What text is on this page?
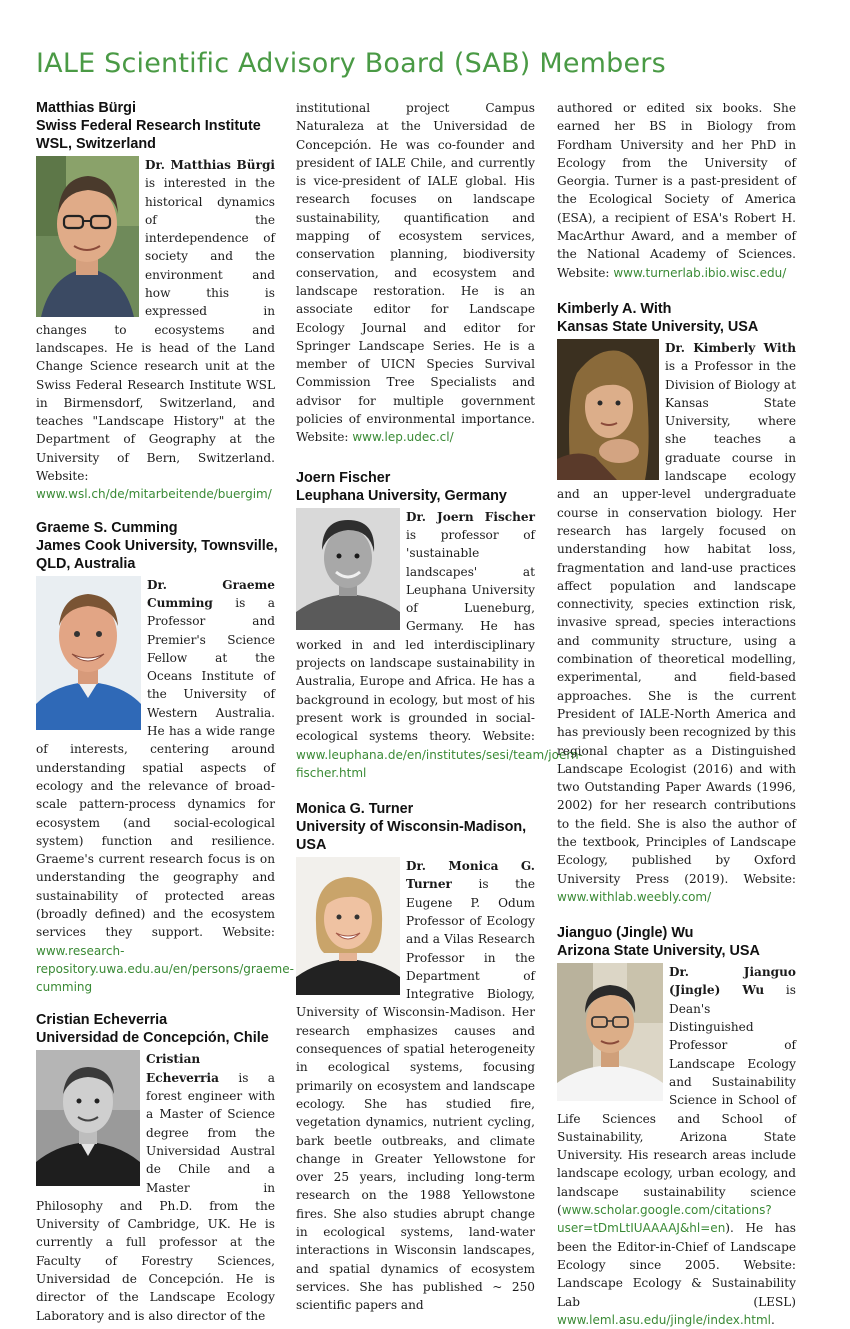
IALE Scientific Advisory Board (SAB) Members
Matthias Bürgi
Swiss Federal Research Institute
WSL, Switzerland

Dr. Matthias Bürgi is interested in the historical dynamics of the interdependence of society and the environment and how this is expressed in changes to ecosystems and landscapes. He is head of the Land Change Science research unit at the Swiss Federal Research Institute WSL in Birmensdorf, Switzerland, and teaches "Landscape History" at the Department of Geography at the University of Bern, Switzerland. Website: www.wsl.ch/de/mitarbeitende/buergim/

Graeme S. Cumming
James Cook University, Townsville,
QLD, Australia

Dr. Graeme Cumming is a Professor and Premier's Science Fellow at the Oceans Institute of the University of Western Australia. He has a wide range of interests, centering around understanding spatial aspects of ecology and the relevance of broad-scale pattern-process dynamics for ecosystem (and social-ecological system) function and resilience. Graeme's current research focus is on understanding the geography and sustainability of protected areas (broadly defined) and the ecosystem services they support. Website: www.research-repository.uwa.edu.au/en/persons/graeme-cumming

Cristian Echeverria
Universidad de Concepción, Chile

Cristian Echeverria is a forest engineer with a Master of Science degree from the Universidad Austral de Chile and a Master in Philosophy and Ph.D. from the University of Cambridge, UK. He is currently a full professor at the Faculty of Forestry Sciences, Universidad de Concepción. He is director of the Landscape Ecology Laboratory and is also director of the

institutional project Campus Naturaleza at the Universidad de Concepción. He was co-founder and president of IALE Chile, and currently is vice-president of IALE global. His research focuses on landscape sustainability, quantification and mapping of ecosystem services, conservation planning, biodiversity conservation, and ecosystem and landscape restoration. He is an associate editor for Landscape Ecology Journal and editor for Springer Landscape Series. He is a member of UICN Species Survival Commission Tree Specialists and advisor for multiple government policies of environmental importance. Website: www.lep.udec.cl/

Joern Fischer
Leuphana University, Germany

Dr. Joern Fischer is professor of 'sustainable landscapes' at Leuphana University of Lueneburg, Germany. He has worked in and led interdisciplinary projects on landscape sustainability in Australia, Europe and Africa. He has a background in ecology, but most of his present work is grounded in social-ecological systems theory. Website: www.leuphana.de/en/institutes/sesi/team/joern-fischer.html

Monica G. Turner
University of Wisconsin-Madison,
USA

Dr. Monica G. Turner is the Eugene P. Odum Professor of Ecology and a Vilas Research Professor in the Department of Integrative Biology, University of Wisconsin-Madison. Her research emphasizes causes and consequences of spatial heterogeneity in ecological systems, focusing primarily on ecosystem and landscape ecology. She has studied fire, vegetation dynamics, nutrient cycling, bark beetle outbreaks, and climate change in Greater Yellowstone for over 25 years, including long-term research on the 1988 Yellowstone fires. She also studies abrupt change in ecological systems, land-water interactions in Wisconsin landscapes, and spatial dynamics of ecosystem services. She has published ~ 250 scientific papers and

authored or edited six books. She earned her BS in Biology from Fordham University and her PhD in Ecology from the University of Georgia. Turner is a past-president of the Ecological Society of America (ESA), a recipient of ESA's Robert H. MacArthur Award, and a member of the National Academy of Sciences. Website: www.turnerlab.ibio.wisc.edu/

Kimberly A. With
Kansas State University, USA

Dr. Kimberly With is a Professor in the Division of Biology at Kansas State University, where she teaches a graduate course in landscape ecology and an upper-level undergraduate course in conservation biology. Her research has largely focused on understanding how habitat loss, fragmentation and land-use practices affect population and landscape connectivity, species extinction risk, invasive spread, species interactions and community structure, using a combination of theoretical modelling, experimental, and field-based approaches. She is the current President of IALE-North America and has previously been recognized by this regional chapter as a Distinguished Landscape Ecologist (2016) and with two Outstanding Paper Awards (1996, 2002) for her research contributions to the field. She is also the author of the textbook, Principles of Landscape Ecology, published by Oxford University Press (2019). Website: www.withlab.weebly.com/

Jianguo (Jingle) Wu
Arizona State University, USA

Dr. Jianguo (Jingle) Wu is Dean's Distinguished Professor of Landscape Ecology and Sustainability Science in School of Life Sciences and School of Sustainability, Arizona State University. His research areas include landscape ecology, urban ecology, and landscape sustainability science (www.scholar.google.com/citations?user=tDmLtIUAAAAJ&hl=en). He has been the Editor-in-Chief of Landscape Ecology since 2005. Website: Landscape Ecology & Sustainability Lab (LESL) www.leml.asu.edu/jingle/index.html.
